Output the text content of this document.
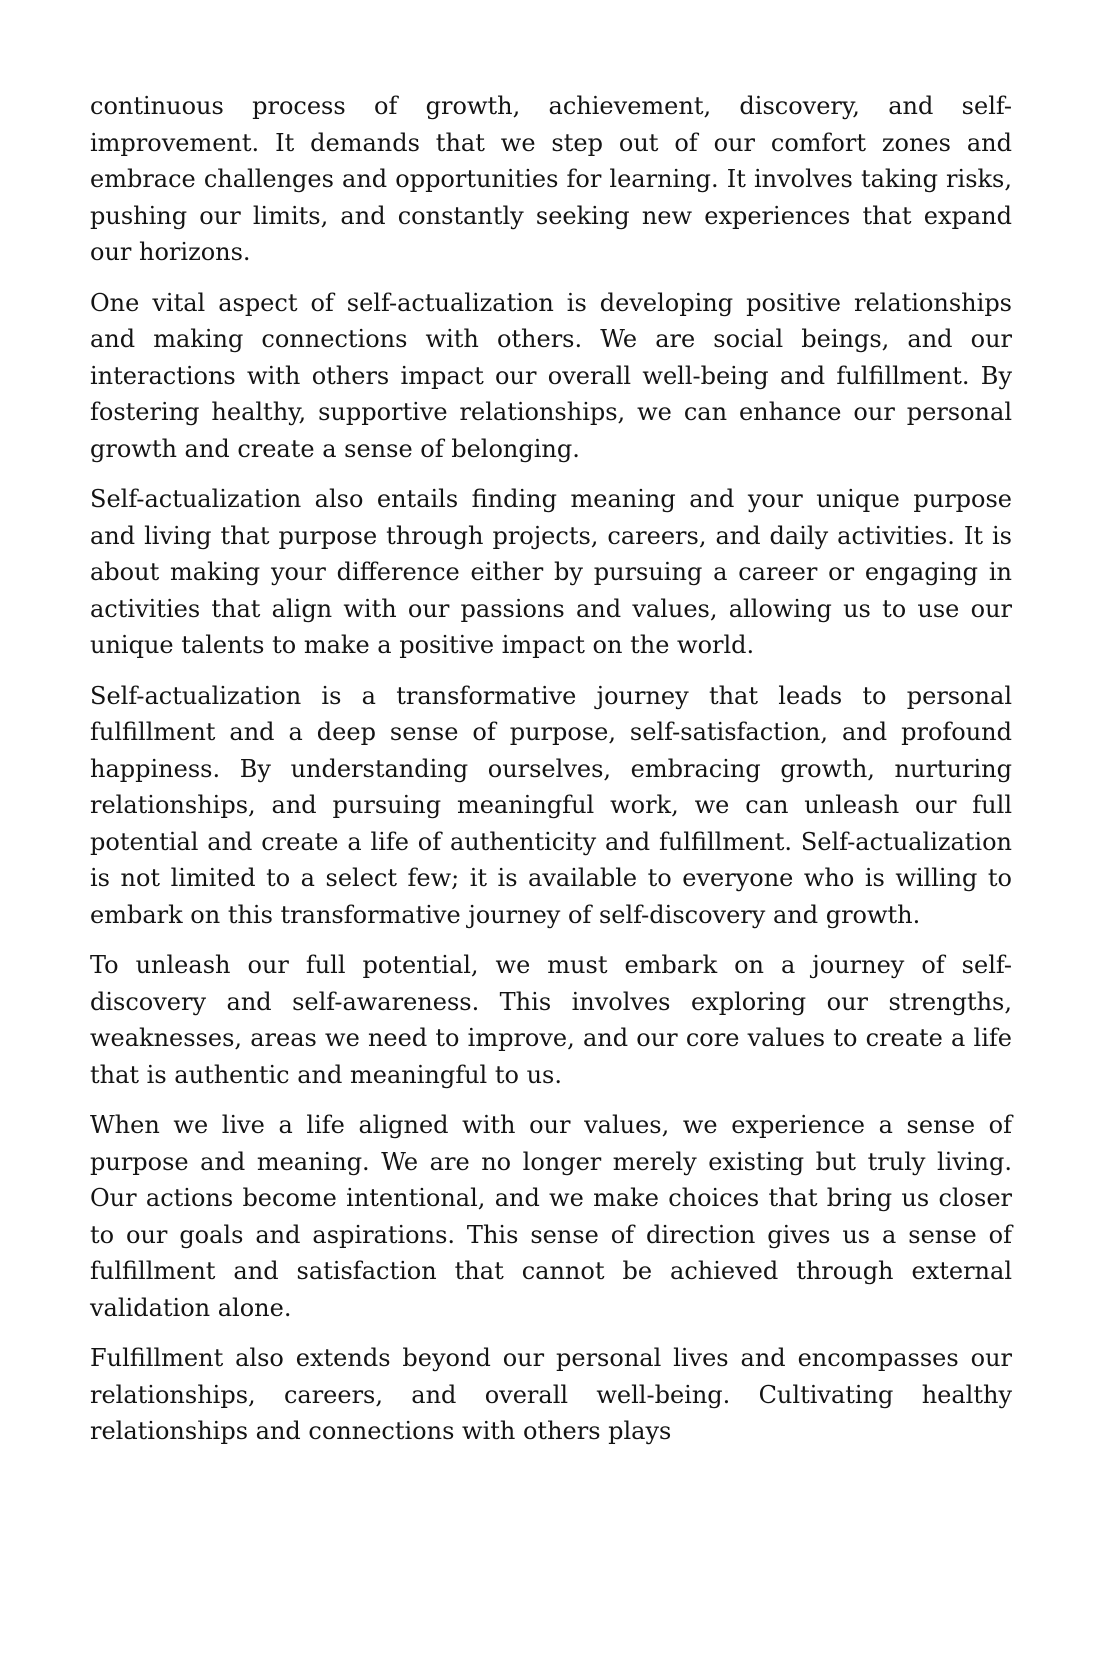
continuous process of growth, achievement, discovery, and self-improvement. It demands that we step out of our comfort zones and embrace challenges and opportunities for learning. It involves taking risks, pushing our limits, and constantly seeking new experiences that expand our horizons.

One vital aspect of self-actualization is developing positive relationships and making connections with others. We are social beings, and our interactions with others impact our overall well-being and fulfillment. By fostering healthy, supportive relationships, we can enhance our personal growth and create a sense of belonging.

Self-actualization also entails finding meaning and your unique purpose and living that purpose through projects, careers, and daily activities. It is about making your difference either by pursuing a career or engaging in activities that align with our passions and values, allowing us to use our unique talents to make a positive impact on the world.

Self-actualization is a transformative journey that leads to personal fulfillment and a deep sense of purpose, self-satisfaction, and profound happiness. By understanding ourselves, embracing growth, nurturing relationships, and pursuing meaningful work, we can unleash our full potential and create a life of authenticity and fulfillment. Self-actualization is not limited to a select few; it is available to everyone who is willing to embark on this transformative journey of self-discovery and growth.

To unleash our full potential, we must embark on a journey of self-discovery and self-awareness. This involves exploring our strengths, weaknesses, areas we need to improve, and our core values to create a life that is authentic and meaningful to us.

When we live a life aligned with our values, we experience a sense of purpose and meaning. We are no longer merely existing but truly living. Our actions become intentional, and we make choices that bring us closer to our goals and aspirations. This sense of direction gives us a sense of fulfillment and satisfaction that cannot be achieved through external validation alone.

Fulfillment also extends beyond our personal lives and encompasses our relationships, careers, and overall well-being. Cultivating healthy relationships and connections with others plays
